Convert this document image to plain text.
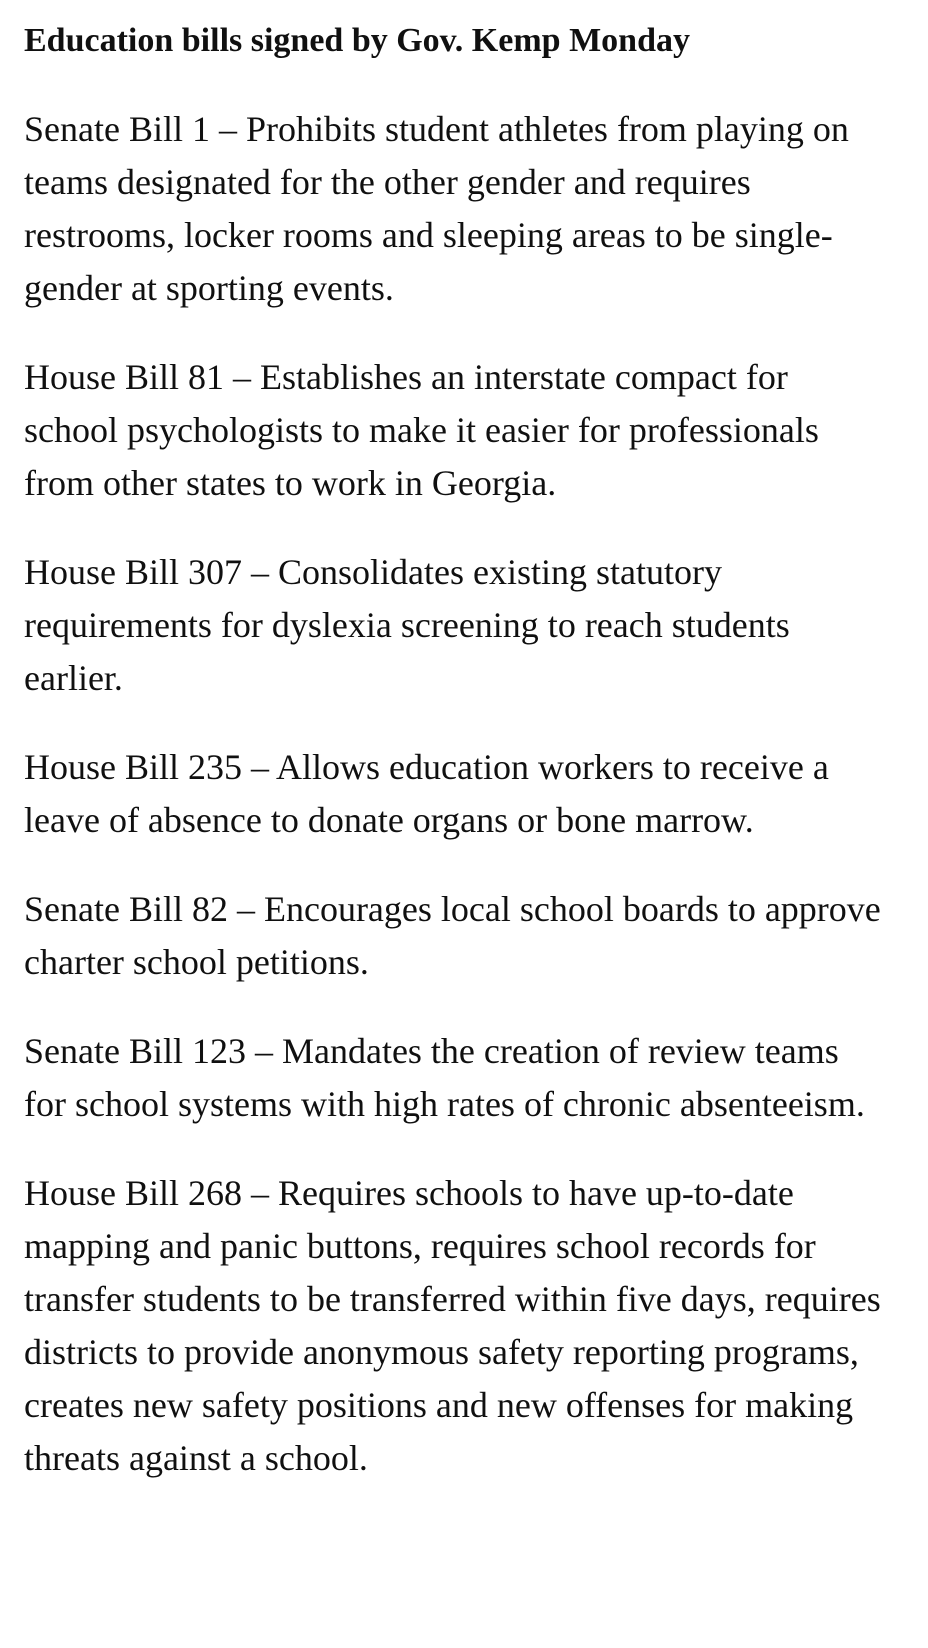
Education bills signed by Gov. Kemp Monday

Senate Bill 1 – Prohibits student athletes from playing on teams designated for the other gender and requires restrooms, locker rooms and sleeping areas to be single-gender at sporting events.

House Bill 81 – Establishes an interstate compact for school psychologists to make it easier for professionals from other states to work in Georgia.

House Bill 307 – Consolidates existing statutory requirements for dyslexia screening to reach students earlier.

House Bill 235 – Allows education workers to receive a leave of absence to donate organs or bone marrow.

Senate Bill 82 – Encourages local school boards to approve charter school petitions.

Senate Bill 123 – Mandates the creation of review teams for school systems with high rates of chronic absenteeism.

House Bill 268 – Requires schools to have up-to-date mapping and panic buttons, requires school records for transfer students to be transferred within five days, requires districts to provide anonymous safety reporting programs, creates new safety positions and new offenses for making threats against a school.
